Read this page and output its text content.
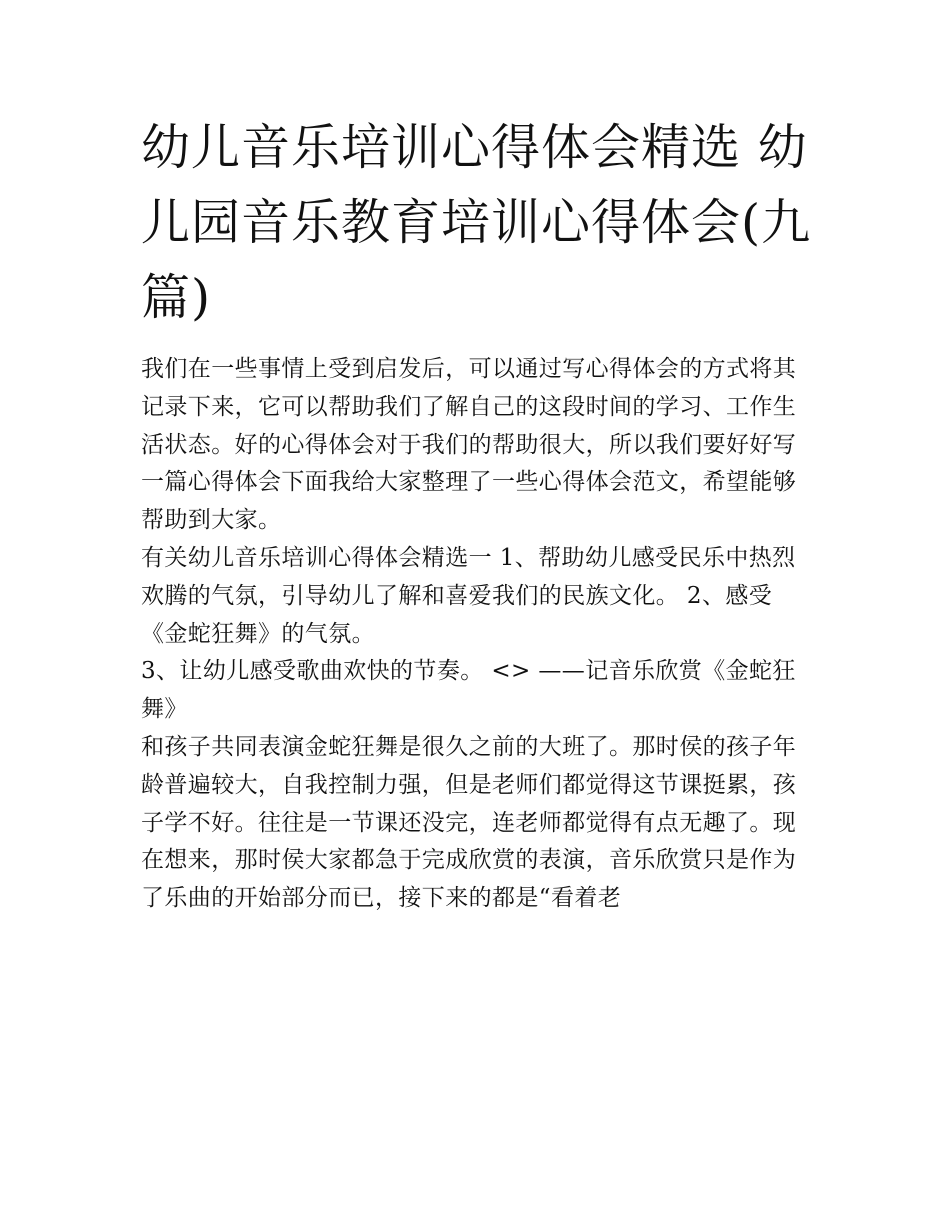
幼儿音乐培训心得体会精选 幼儿园音乐教育培训心得体会(九篇)

我们在一些事情上受到启发后，可以通过写心得体会的方式将其记录下来，它可以帮助我们了解自己的这段时间的学习、工作生活状态。好的心得体会对于我们的帮助很大，所以我们要好好写一篇心得体会下面我给大家整理了一些心得体会范文，希望能够帮助到大家。

有关幼儿音乐培训心得体会精选一 1、帮助幼儿感受民乐中热烈欢腾的气氛，引导幼儿了解和喜爱我们的民族文化。 2、感受《金蛇狂舞》的气氛。

3、让幼儿感受歌曲欢快的节奏。 <> ——记音乐欣赏《金蛇狂舞》

和孩子共同表演金蛇狂舞是很久之前的大班了。那时侯的孩子年龄普遍较大，自我控制力强，但是老师们都觉得这节课挺累，孩子学不好。往往是一节课还没完，连老师都觉得有点无趣了。现在想来，那时侯大家都急于完成欣赏的表演，音乐欣赏只是作为了乐曲的开始部分而已，接下来的都是“看着老
